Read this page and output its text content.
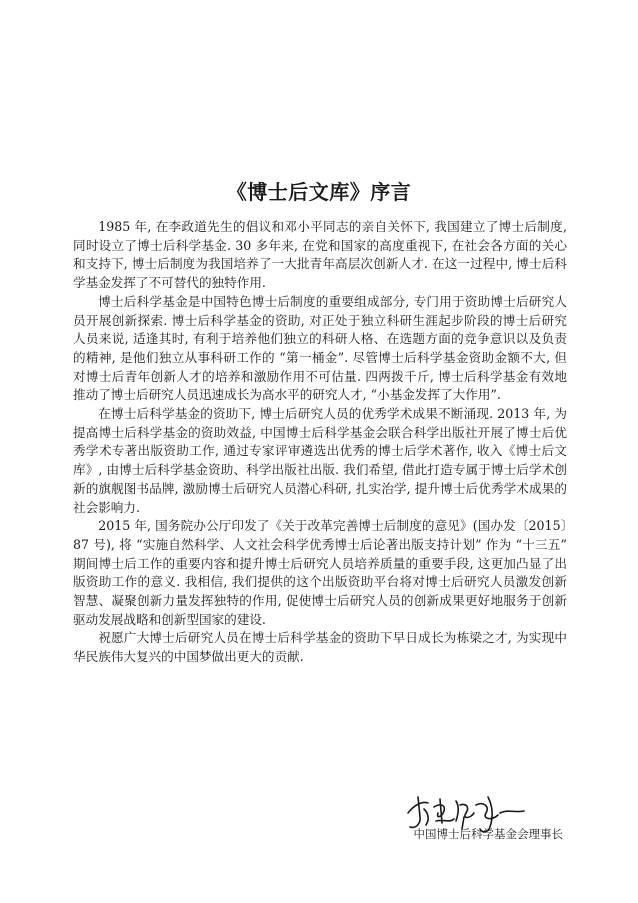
《博士后文库》序言

1985 年, 在李政道先生的倡议和邓小平同志的亲自关怀下, 我国建立了博士后制度, 同时设立了博士后科学基金. 30 多年来, 在党和国家的高度重视下, 在社会各方面的关心和支持下, 博士后制度为我国培养了一大批青年高层次创新人才. 在这一过程中, 博士后科学基金发挥了不可替代的独特作用.

博士后科学基金是中国特色博士后制度的重要组成部分, 专门用于资助博士后研究人员开展创新探索. 博士后科学基金的资助, 对正处于独立科研生涯起步阶段的博士后研究人员来说, 适逢其时, 有利于培养他们独立的科研人格、在选题方面的竞争意识以及负责的精神, 是他们独立从事科研工作的 “第一桶金”. 尽管博士后科学基金资助金额不大, 但对博士后青年创新人才的培养和激励作用不可估量. 四两拨千斤, 博士后科学基金有效地推动了博士后研究人员迅速成长为高水平的研究人才, “小基金发挥了大作用”.

在博士后科学基金的资助下, 博士后研究人员的优秀学术成果不断涌现. 2013 年, 为提高博士后科学基金的资助效益, 中国博士后科学基金会联合科学出版社开展了博士后优秀学术专著出版资助工作, 通过专家评审遴选出优秀的博士后学术著作, 收入《博士后文库》, 由博士后科学基金资助、科学出版社出版. 我们希望, 借此打造专属于博士后学术创新的旗舰图书品牌, 激励博士后研究人员潜心科研, 扎实治学, 提升博士后优秀学术成果的社会影响力.

2015 年, 国务院办公厅印发了《关于改革完善博士后制度的意见》(国办发〔2015〕87 号), 将 “实施自然科学、人文社会科学优秀博士后论著出版支持计划” 作为 “十三五” 期间博士后工作的重要内容和提升博士后研究人员培养质量的重要手段, 这更加凸显了出版资助工作的意义. 我相信, 我们提供的这个出版资助平台将对博士后研究人员激发创新智慧、凝聚创新力量发挥独特的作用, 促使博士后研究人员的创新成果更好地服务于创新驱动发展战略和创新型国家的建设.

祝愿广大博士后研究人员在博士后科学基金的资助下早日成长为栋梁之才, 为实现中华民族伟大复兴的中国梦做出更大的贡献.

中国博士后科学基金会理事长
